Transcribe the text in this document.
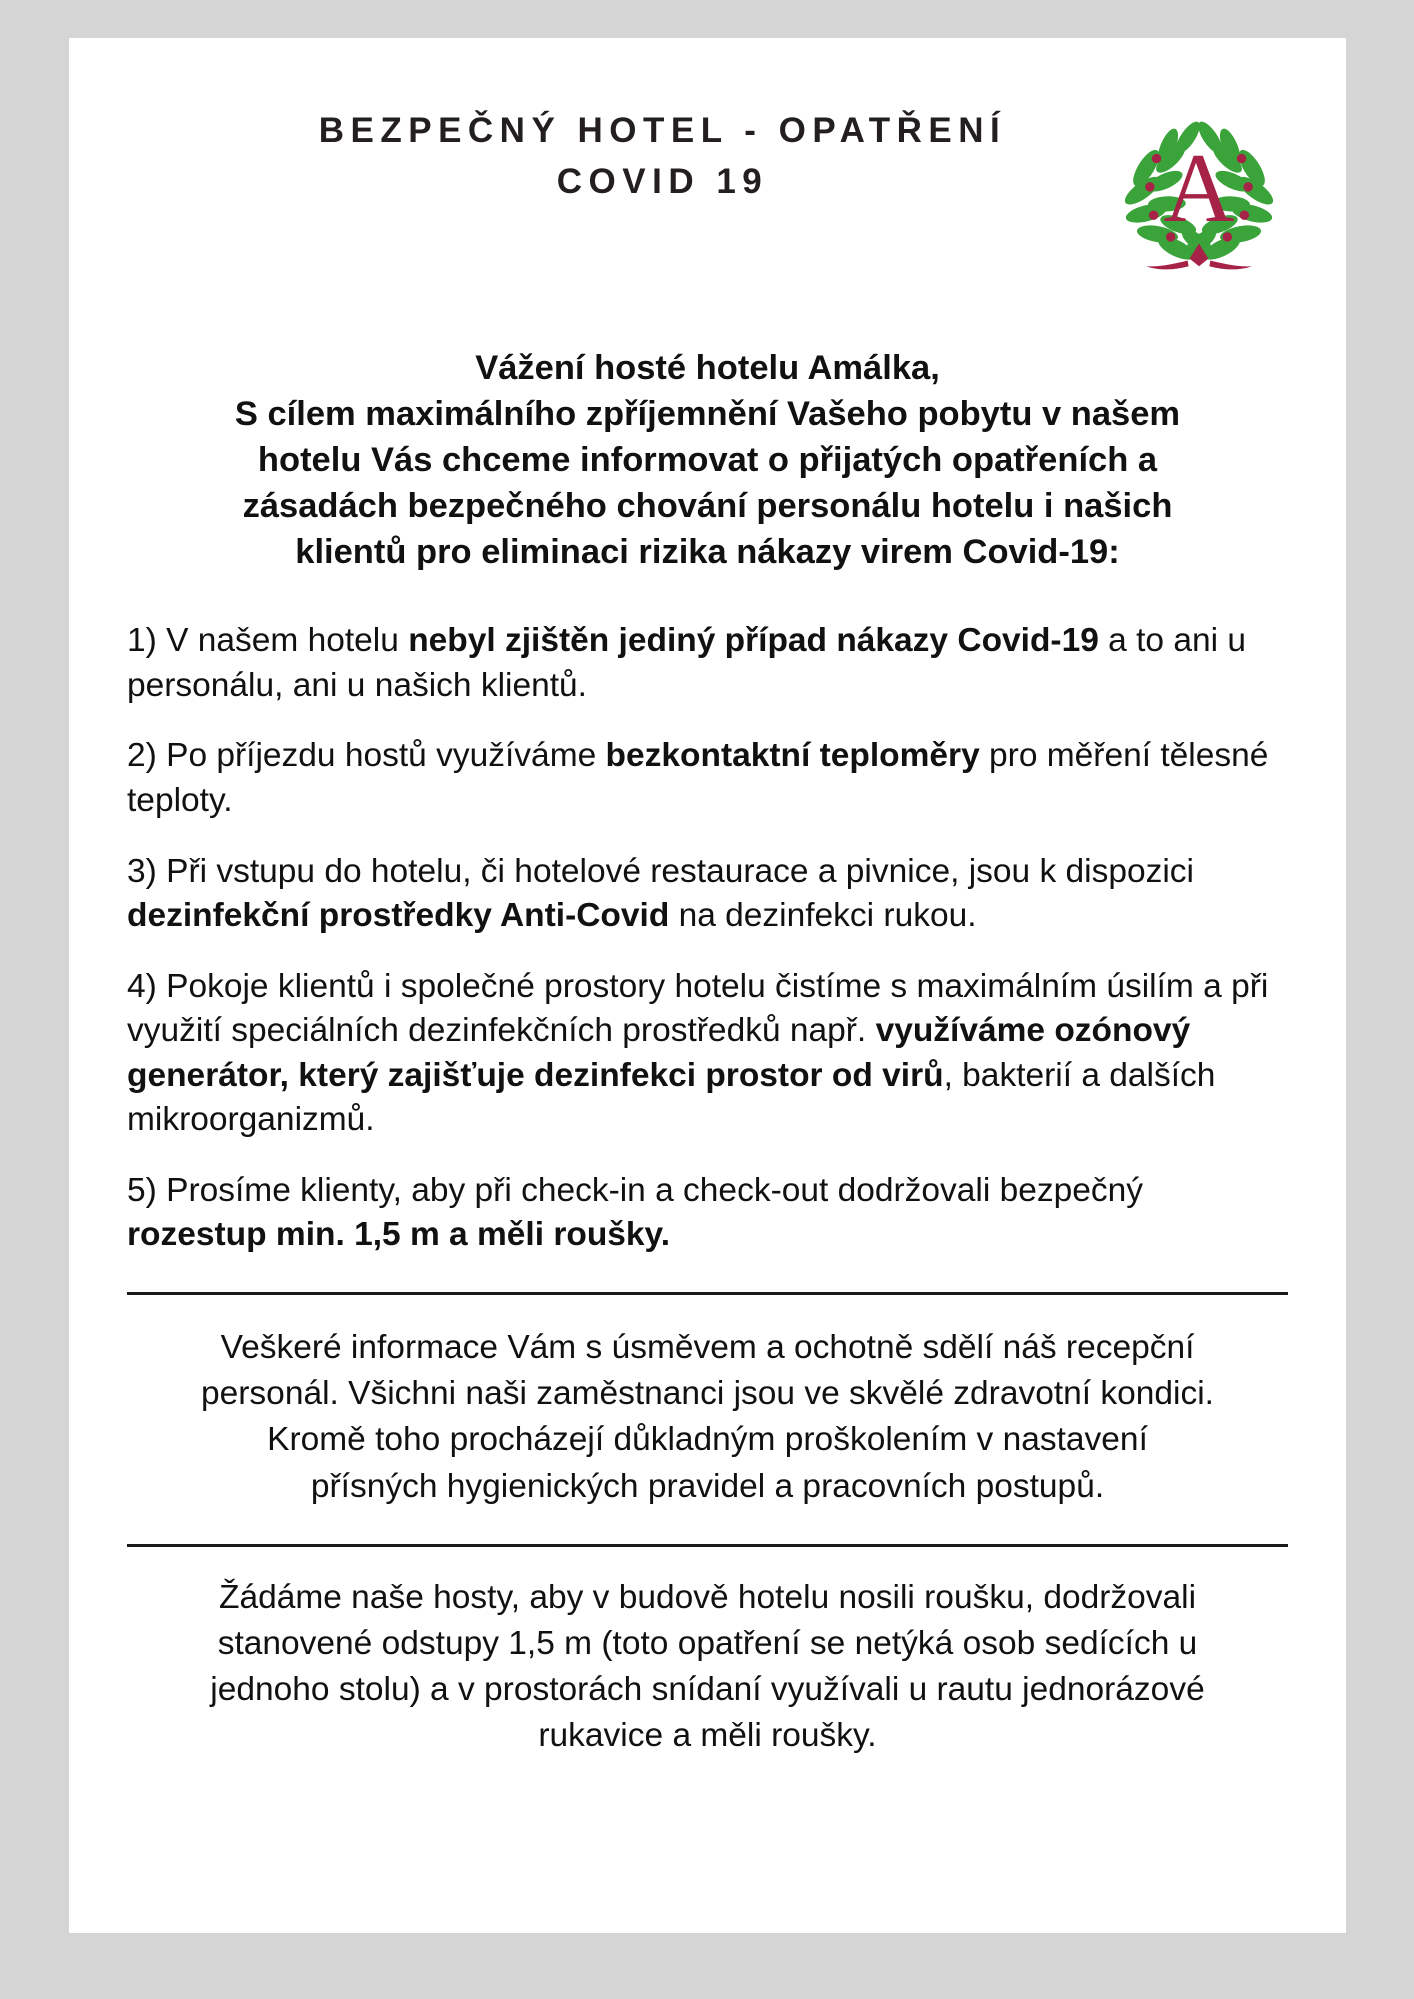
BEZPEČNÝ HOTEL - OPATŘENÍ
COVID 19	A

Vážení hosté hotelu Amálka,

S cílem maximálního zpříjemnění Vašeho pobytu v našem

hotelu Vás chceme informovat o přijatých opatřeních a

zásadách bezpečného chování personálu hotelu i našich

klientů pro eliminaci rizika nákazy virem Covid-19:

1) V našem hotelu nebyl zjištěn jediný případ nákazy Covid-19 a to ani u personálu, ani u našich klientů.

2) Po příjezdu hostů využíváme bezkontaktní teploměry pro měření tělesné teploty.

3) Při vstupu do hotelu, či hotelové restaurace a pivnice, jsou k dispozici dezinfekční prostředky Anti-Covid na dezinfekci rukou.

4) Pokoje klientů i společné prostory hotelu čistíme s maximálním úsilím a při využití speciálních dezinfekčních prostředků např. využíváme ozónový generátor, který zajišťuje dezinfekci prostor od virů, bakterií a dalších mikroorganizmů.

5) Prosíme klienty, aby při check-in a check-out dodržovali bezpečný rozestup min. 1,5 m a měli roušky.

Veškeré informace Vám s úsměvem a ochotně sdělí náš recepční

personál. Všichni naši zaměstnanci jsou ve skvělé zdravotní kondici.

Kromě toho procházejí důkladným proškolením v nastavení

přísných hygienických pravidel a pracovních postupů.

Žádáme naše hosty, aby v budově hotelu nosili roušku, dodržovali

stanovené odstupy 1,5 m (toto opatření se netýká osob sedících u

jednoho stolu) a v prostorách snídaní využívali u rautu jednorázové

rukavice a měli roušky.
